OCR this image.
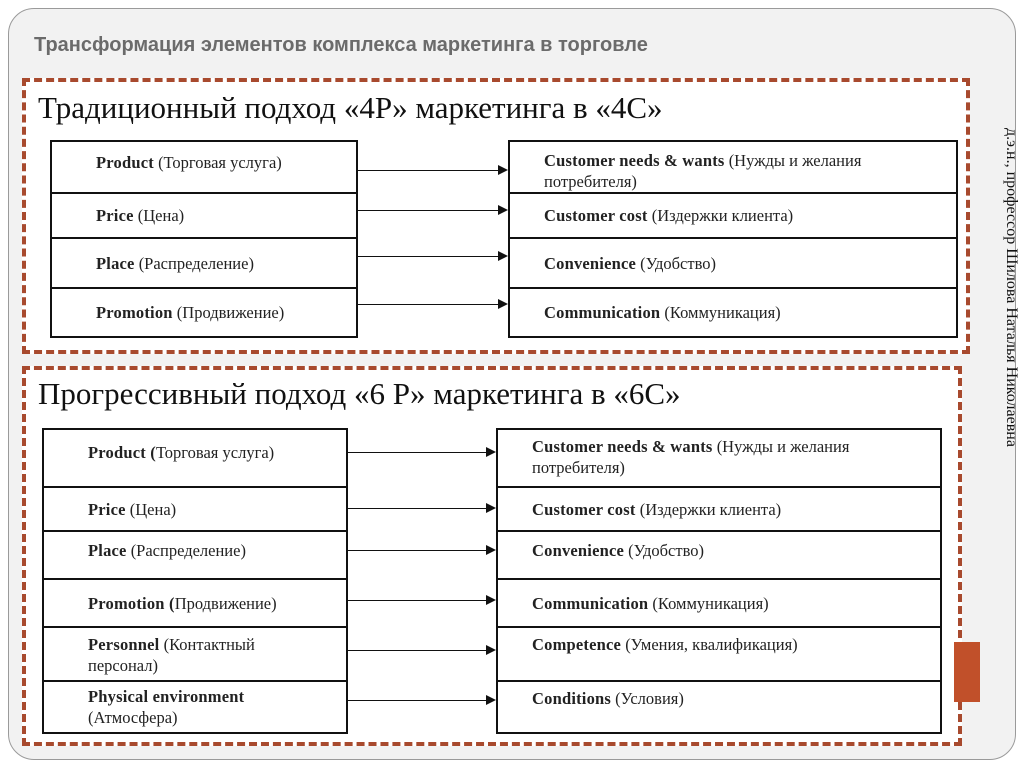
Трансформация элементов комплекса маркетинга в торговле
Традиционный подход «4P» маркетинга в «4C»
Product (Торговая услуга)
Price (Цена)
Place (Распределение)
Promotion (Продвижение)
Customer needs & wants (Нужды и желания потребителя)
Customer cost (Издержки клиента)
Convenience (Удобство)
Communication (Коммуникация)
Прогрессивный подход «6 P» маркетинга в «6C»
Product (Торговая услуга)
Price (Цена)
Place (Распределение)
Promotion (Продвижение)
Personnel (Контактный персонал)
Physical environment (Атмосфера)
Customer needs & wants (Нужды и желания потребителя)
Customer cost (Издержки клиента)
Convenience (Удобство)
Communication (Коммуникация)
Competence (Умения, квалификация)
Conditions (Условия)
д.э.н., профессор Шилова Наталья Николаевна
